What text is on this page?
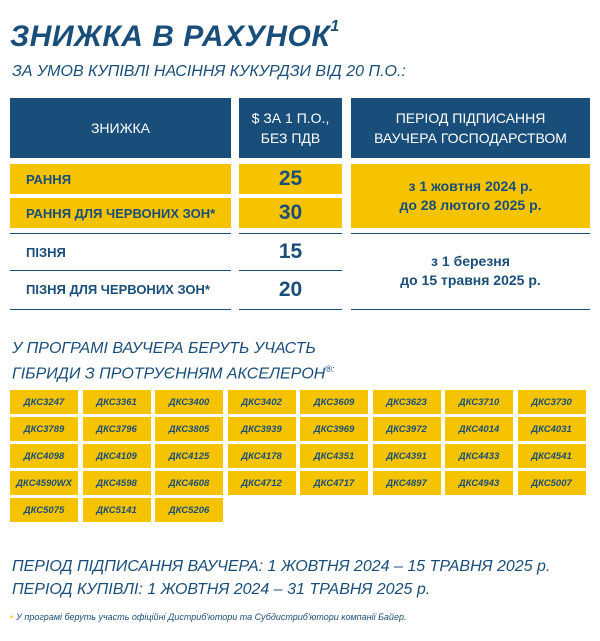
ЗНИЖКА В РАХУНОК$^1$

ЗА УМОВ КУПІВЛІ НАСІННЯ КУКУРДЗИ ВІД 20 П.О.:

ЗНИЖКА
$ ЗА 1 П.О., БЕЗ ПДВ
ПЕРІОД ПІДПИСАННЯ ВАУЧЕРА ГОСПОДАРСТВОМ
РАННЯ	25
РАННЯ ДЛЯ ЧЕРВОНИХ ЗОН*	30
з 1 жовтня 2024 р.
до 28 лютого 2025 р.
ПІЗНЯ	15
ПІЗНЯ ДЛЯ ЧЕРВОНИХ ЗОН*	20
з 1 березня
до 15 травня 2025 р.

У ПРОГРАМІ ВАУЧЕРА БЕРУТЬ УЧАСТЬ
ГІБРИДИ З ПРОТРУЄННЯМ АКСЕЛЕРОН®:

ДКС3247	ДКС3361	ДКС3400	ДКС3402	ДКС3609	ДКС3623	ДКС3710	ДКС3730
ДКС3789	ДКС3796	ДКС3805	ДКС3939	ДКС3969	ДКС3972	ДКС4014	ДКС4031
ДКС4098	ДКС4109	ДКС4125	ДКС4178	ДКС4351	ДКС4391	ДКС4433	ДКС4541
ДКС4590WX	ДКС4598	ДКС4608	ДКС4712	ДКС4717	ДКС4897	ДКС4943	ДКС5007
ДКС5075	ДКС5141	ДКС5206

ПЕРІОД ПІДПИСАННЯ ВАУЧЕРА: 1 ЖОВТНЯ 2024 – 15 ТРАВНЯ 2025 р.
ПЕРІОД КУПІВЛІ: 1 ЖОВТНЯ 2024 – 31 ТРАВНЯ 2025 р.

• У програмі беруть участь офіційні Дистриб'ютори та Субдистриб'ютори компанії Байер.
